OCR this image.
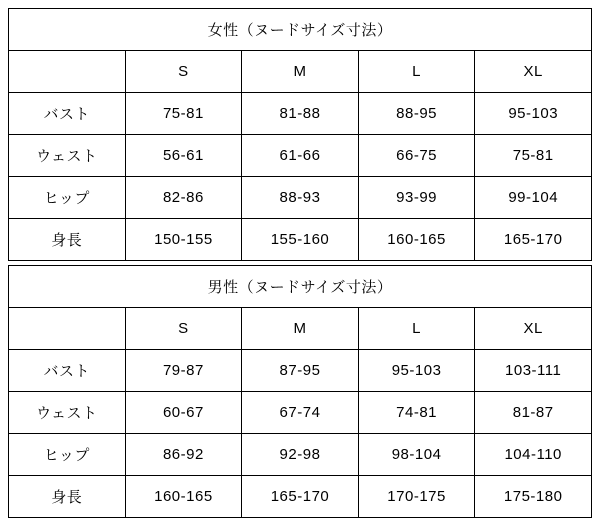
女性（ヌードサイズ寸法）				
	S	M	L	XL
バスト	75-81	81-88	88-95	95-103
ウェスト	56-61	61-66	66-75	75-81
ヒップ	82-86	88-93	93-99	99-104
身長	150-155	155-160	160-165	165-170
男性（ヌードサイズ寸法）				
	S	M	L	XL
バスト	79-87	87-95	95-103	103-111
ウェスト	60-67	67-74	74-81	81-87
ヒップ	86-92	92-98	98-104	104-110
身長	160-165	165-170	170-175	175-180
